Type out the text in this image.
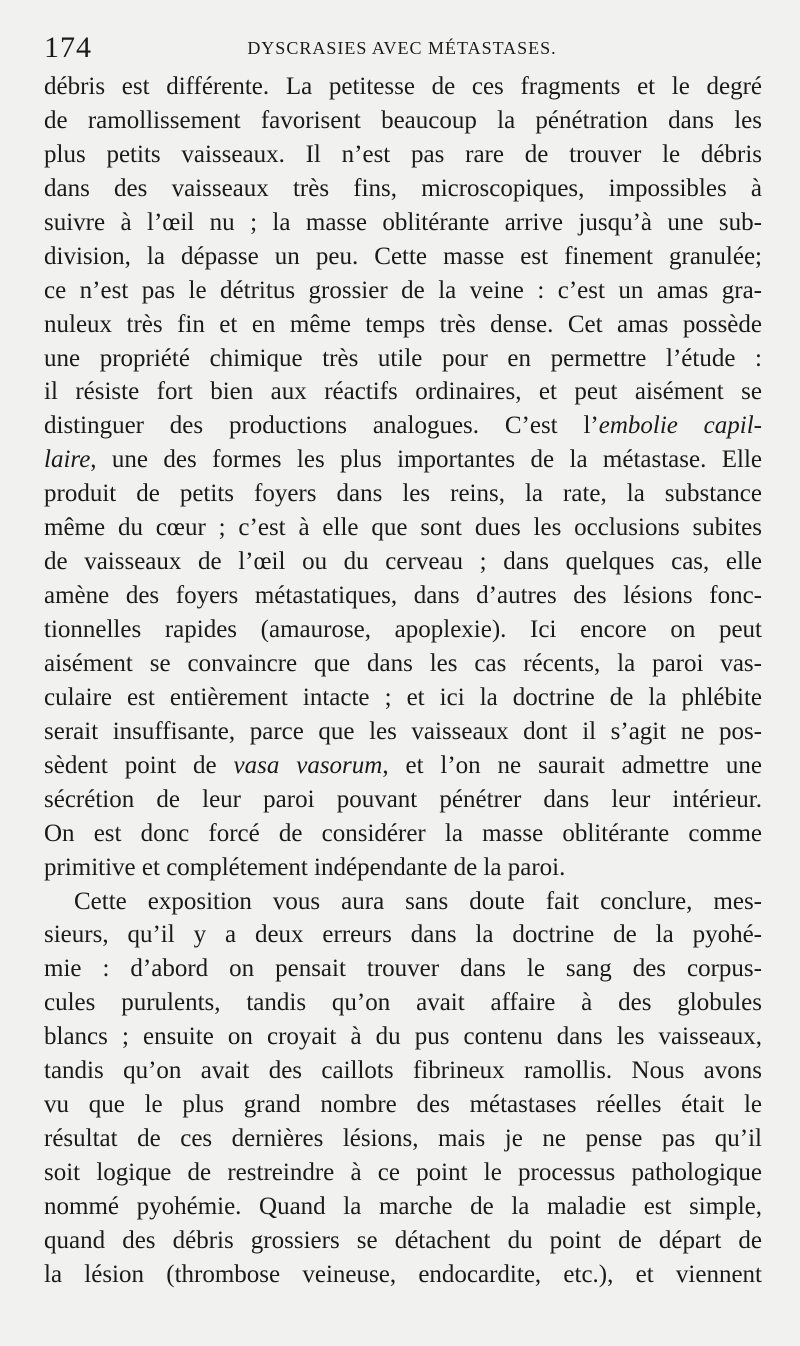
174	DYSCRASIES AVEC MÉTASTASES.
débris est différente. La petitesse de ces fragments et le degré
de ramollissement favorisent beaucoup la pénétration dans les
plus petits vaisseaux. Il n’est pas rare de trouver le débris
dans des vaisseaux très fins, microscopiques, impossibles à
suivre à l’œil nu ; la masse oblitérante arrive jusqu’à une sub-
division, la dépasse un peu. Cette masse est finement granulée;
ce n’est pas le détritus grossier de la veine : c’est un amas gra-
nuleux très fin et en même temps très dense. Cet amas possède
une propriété chimique très utile pour en permettre l’étude :
il résiste fort bien aux réactifs ordinaires, et peut aisément se
distinguer des productions analogues. C’est l’embolie capil-
laire, une des formes les plus importantes de la métastase. Elle
produit de petits foyers dans les reins, la rate, la substance
même du cœur ; c’est à elle que sont dues les occlusions subites
de vaisseaux de l’œil ou du cerveau ; dans quelques cas, elle
amène des foyers métastatiques, dans d’autres des lésions fonc-
tionnelles rapides (amaurose, apoplexie). Ici encore on peut
aisément se convaincre que dans les cas récents, la paroi vas-
culaire est entièrement intacte ; et ici la doctrine de la phlébite
serait insuffisante, parce que les vaisseaux dont il s’agit ne pos-
sèdent point de vasa vasorum, et l’on ne saurait admettre une
sécrétion de leur paroi pouvant pénétrer dans leur intérieur.
On est donc forcé de considérer la masse oblitérante comme
primitive et complétement indépendante de la paroi.
Cette exposition vous aura sans doute fait conclure, mes-
sieurs, qu’il y a deux erreurs dans la doctrine de la pyohé-
mie : d’abord on pensait trouver dans le sang des corpus-
cules purulents, tandis qu’on avait affaire à des globules
blancs ; ensuite on croyait à du pus contenu dans les vaisseaux,
tandis qu’on avait des caillots fibrineux ramollis. Nous avons
vu que le plus grand nombre des métastases réelles était le
résultat de ces dernières lésions, mais je ne pense pas qu’il
soit logique de restreindre à ce point le processus pathologique
nommé pyohémie. Quand la marche de la maladie est simple,
quand des débris grossiers se détachent du point de départ de
la lésion (thrombose veineuse, endocardite, etc.), et viennent
